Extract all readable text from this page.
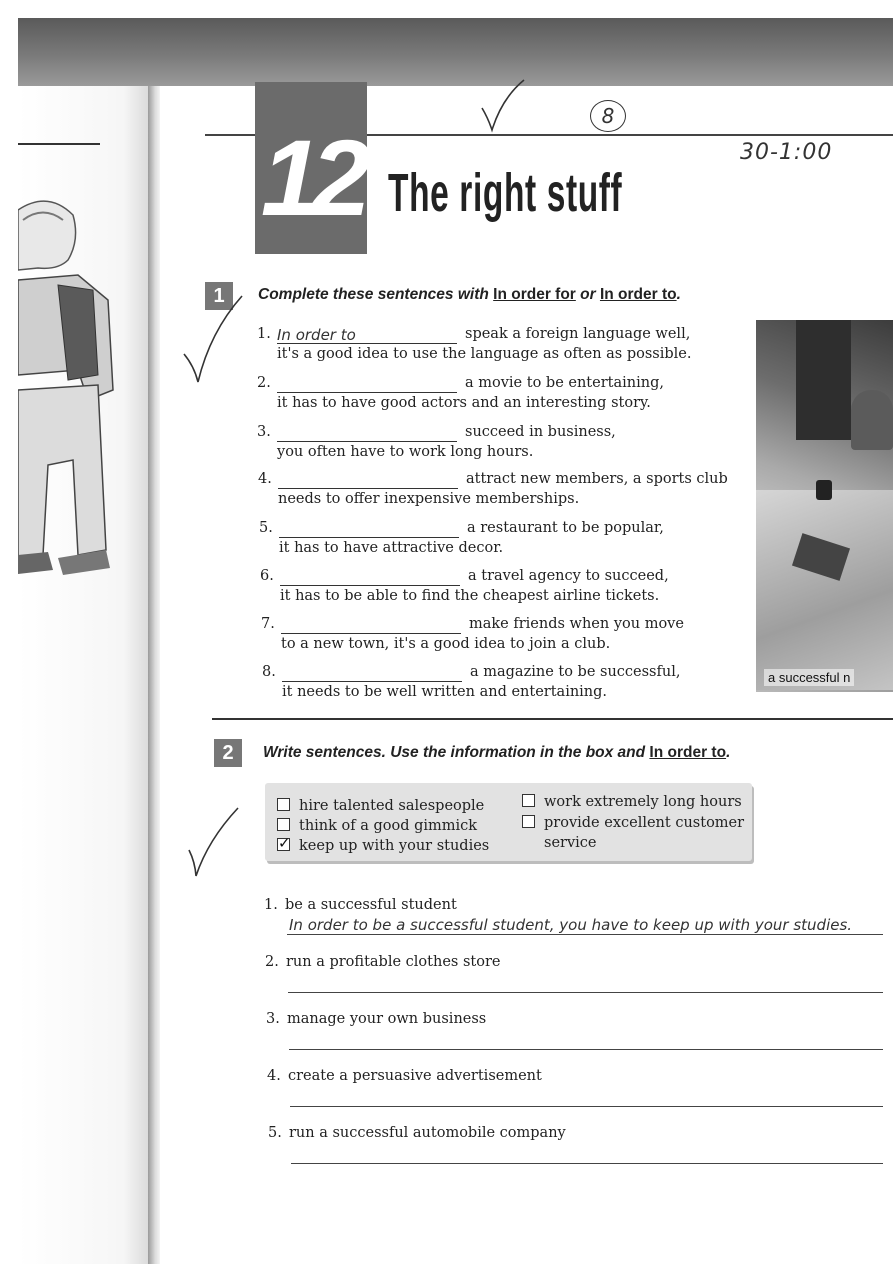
12 The right stuff
8
30-1:00
1	Complete these sentences with In order for or In order to.
1. In order to	speak a foreign language well,
it's a good idea to use the language as often as possible.
2.	a movie to be entertaining,
it has to have good actors and an interesting story.
3.	succeed in business,
you often have to work long hours.
4.	attract new members, a sports club
needs to offer inexpensive memberships.
5.	a restaurant to be popular,
it has to have attractive decor.
6.	a travel agency to succeed,
it has to be able to find the cheapest airline tickets.
7.	make friends when you move
to a new town, it's a good idea to join a club.
8.	a magazine to be successful,
it needs to be well written and entertaining.
a successful n
2	Write sentences. Use the information in the box and In order to.
hire talented salespeople
think of a good gimmick
✓keep up with your studies
work extremely long hours
provide excellent customer
service
1. be a successful student
In order to be a successful student, you have to keep up with your studies.
2. run a profitable clothes store
3. manage your own business
4. create a persuasive advertisement
5. run a successful automobile company
